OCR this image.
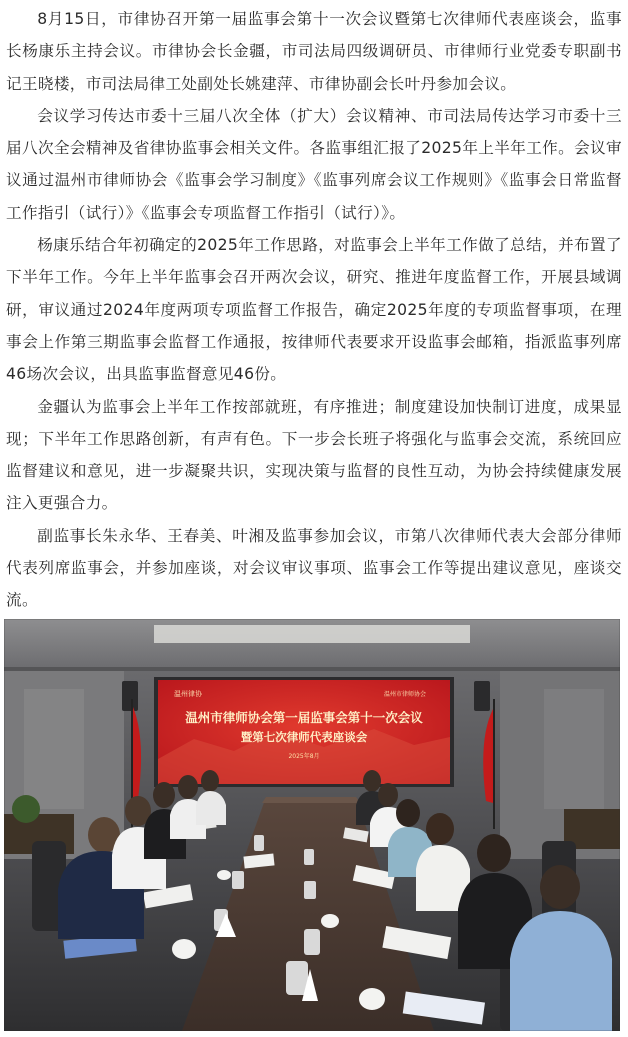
8月15日，市律协召开第一届监事会第十一次会议暨第七次律师代表座谈会，监事长杨康乐主持会议。市律协会长金疆，市司法局四级调研员、市律师行业党委专职副书记王晓楼，市司法局律工处副处长姚建萍、市律协副会长叶丹参加会议。

会议学习传达市委十三届八次全体（扩大）会议精神、市司法局传达学习市委十三届八次全会精神及省律协监事会相关文件。各监事组汇报了2025年上半年工作。会议审议通过温州市律师协会《监事会学习制度》《监事列席会议工作规则》《监事会日常监督工作指引（试行）》《监事会专项监督工作指引（试行）》。

杨康乐结合年初确定的2025年工作思路，对监事会上半年工作做了总结，并布置了下半年工作。今年上半年监事会召开两次会议，研究、推进年度监督工作，开展县域调研，审议通过2024年度两项专项监督工作报告，确定2025年度的专项监督事项，在理事会上作第三期监事会监督工作通报，按律师代表要求开设监事会邮箱，指派监事列席46场次会议，出具监事监督意见46份。

金疆认为监事会上半年工作按部就班，有序推进；制度建设加快制订进度，成果显现；下半年工作思路创新，有声有色。下一步会长班子将强化与监事会交流，系统回应监督建议和意见，进一步凝聚共识，实现决策与监督的良性互动，为协会持续健康发展注入更强合力。

副监事长朱永华、王春美、叶湘及监事参加会议，市第八次律师代表大会部分律师代表列席监事会，并参加座谈，对会议审议事项、监事会工作等提出建议意见，座谈交流。

温州律协	温州市律师协会
温州市律师协会第一届监事会第十一次会议
暨第七次律师代表座谈会
2025年8月
